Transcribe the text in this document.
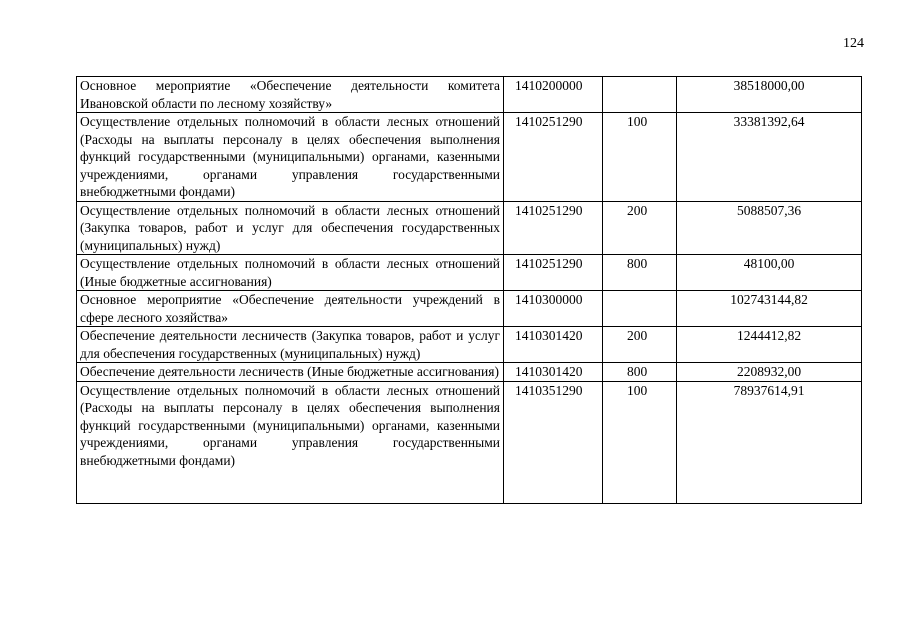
124
Основное мероприятие «Обеспечение деятельности комитета Ивановской области по лесному хозяйству»	1410200000		38518000,00
Осуществление отдельных полномочий в области лесных отношений (Расходы на выплаты персоналу в целях обеспечения выполнения функций государственными (муниципальными) органами, казенными учреждениями, органами управления государственными внебюджетными фондами)	1410251290	100	33381392,64
Осуществление отдельных полномочий в области лесных отношений (Закупка товаров, работ и услуг для обеспечения государственных (муниципальных) нужд)	1410251290	200	5088507,36
Осуществление отдельных полномочий в области лесных отношений (Иные бюджетные ассигнования)	1410251290	800	48100,00
Основное мероприятие «Обеспечение деятельности учреждений в сфере лесного хозяйства»	1410300000		102743144,82
Обеспечение деятельности лесничеств (Закупка товаров, работ и услуг для обеспечения государственных (муниципальных) нужд)	1410301420	200	1244412,82
Обеспечение деятельности лесничеств (Иные бюджетные ассигнования)	1410301420	800	2208932,00
Осуществление отдельных полномочий в области лесных отношений (Расходы на выплаты персоналу в целях обеспечения выполнения функций государственными (муниципальными) органами, казенными учреждениями, органами управления государственными внебюджетными фондами)	1410351290	100	78937614,91
